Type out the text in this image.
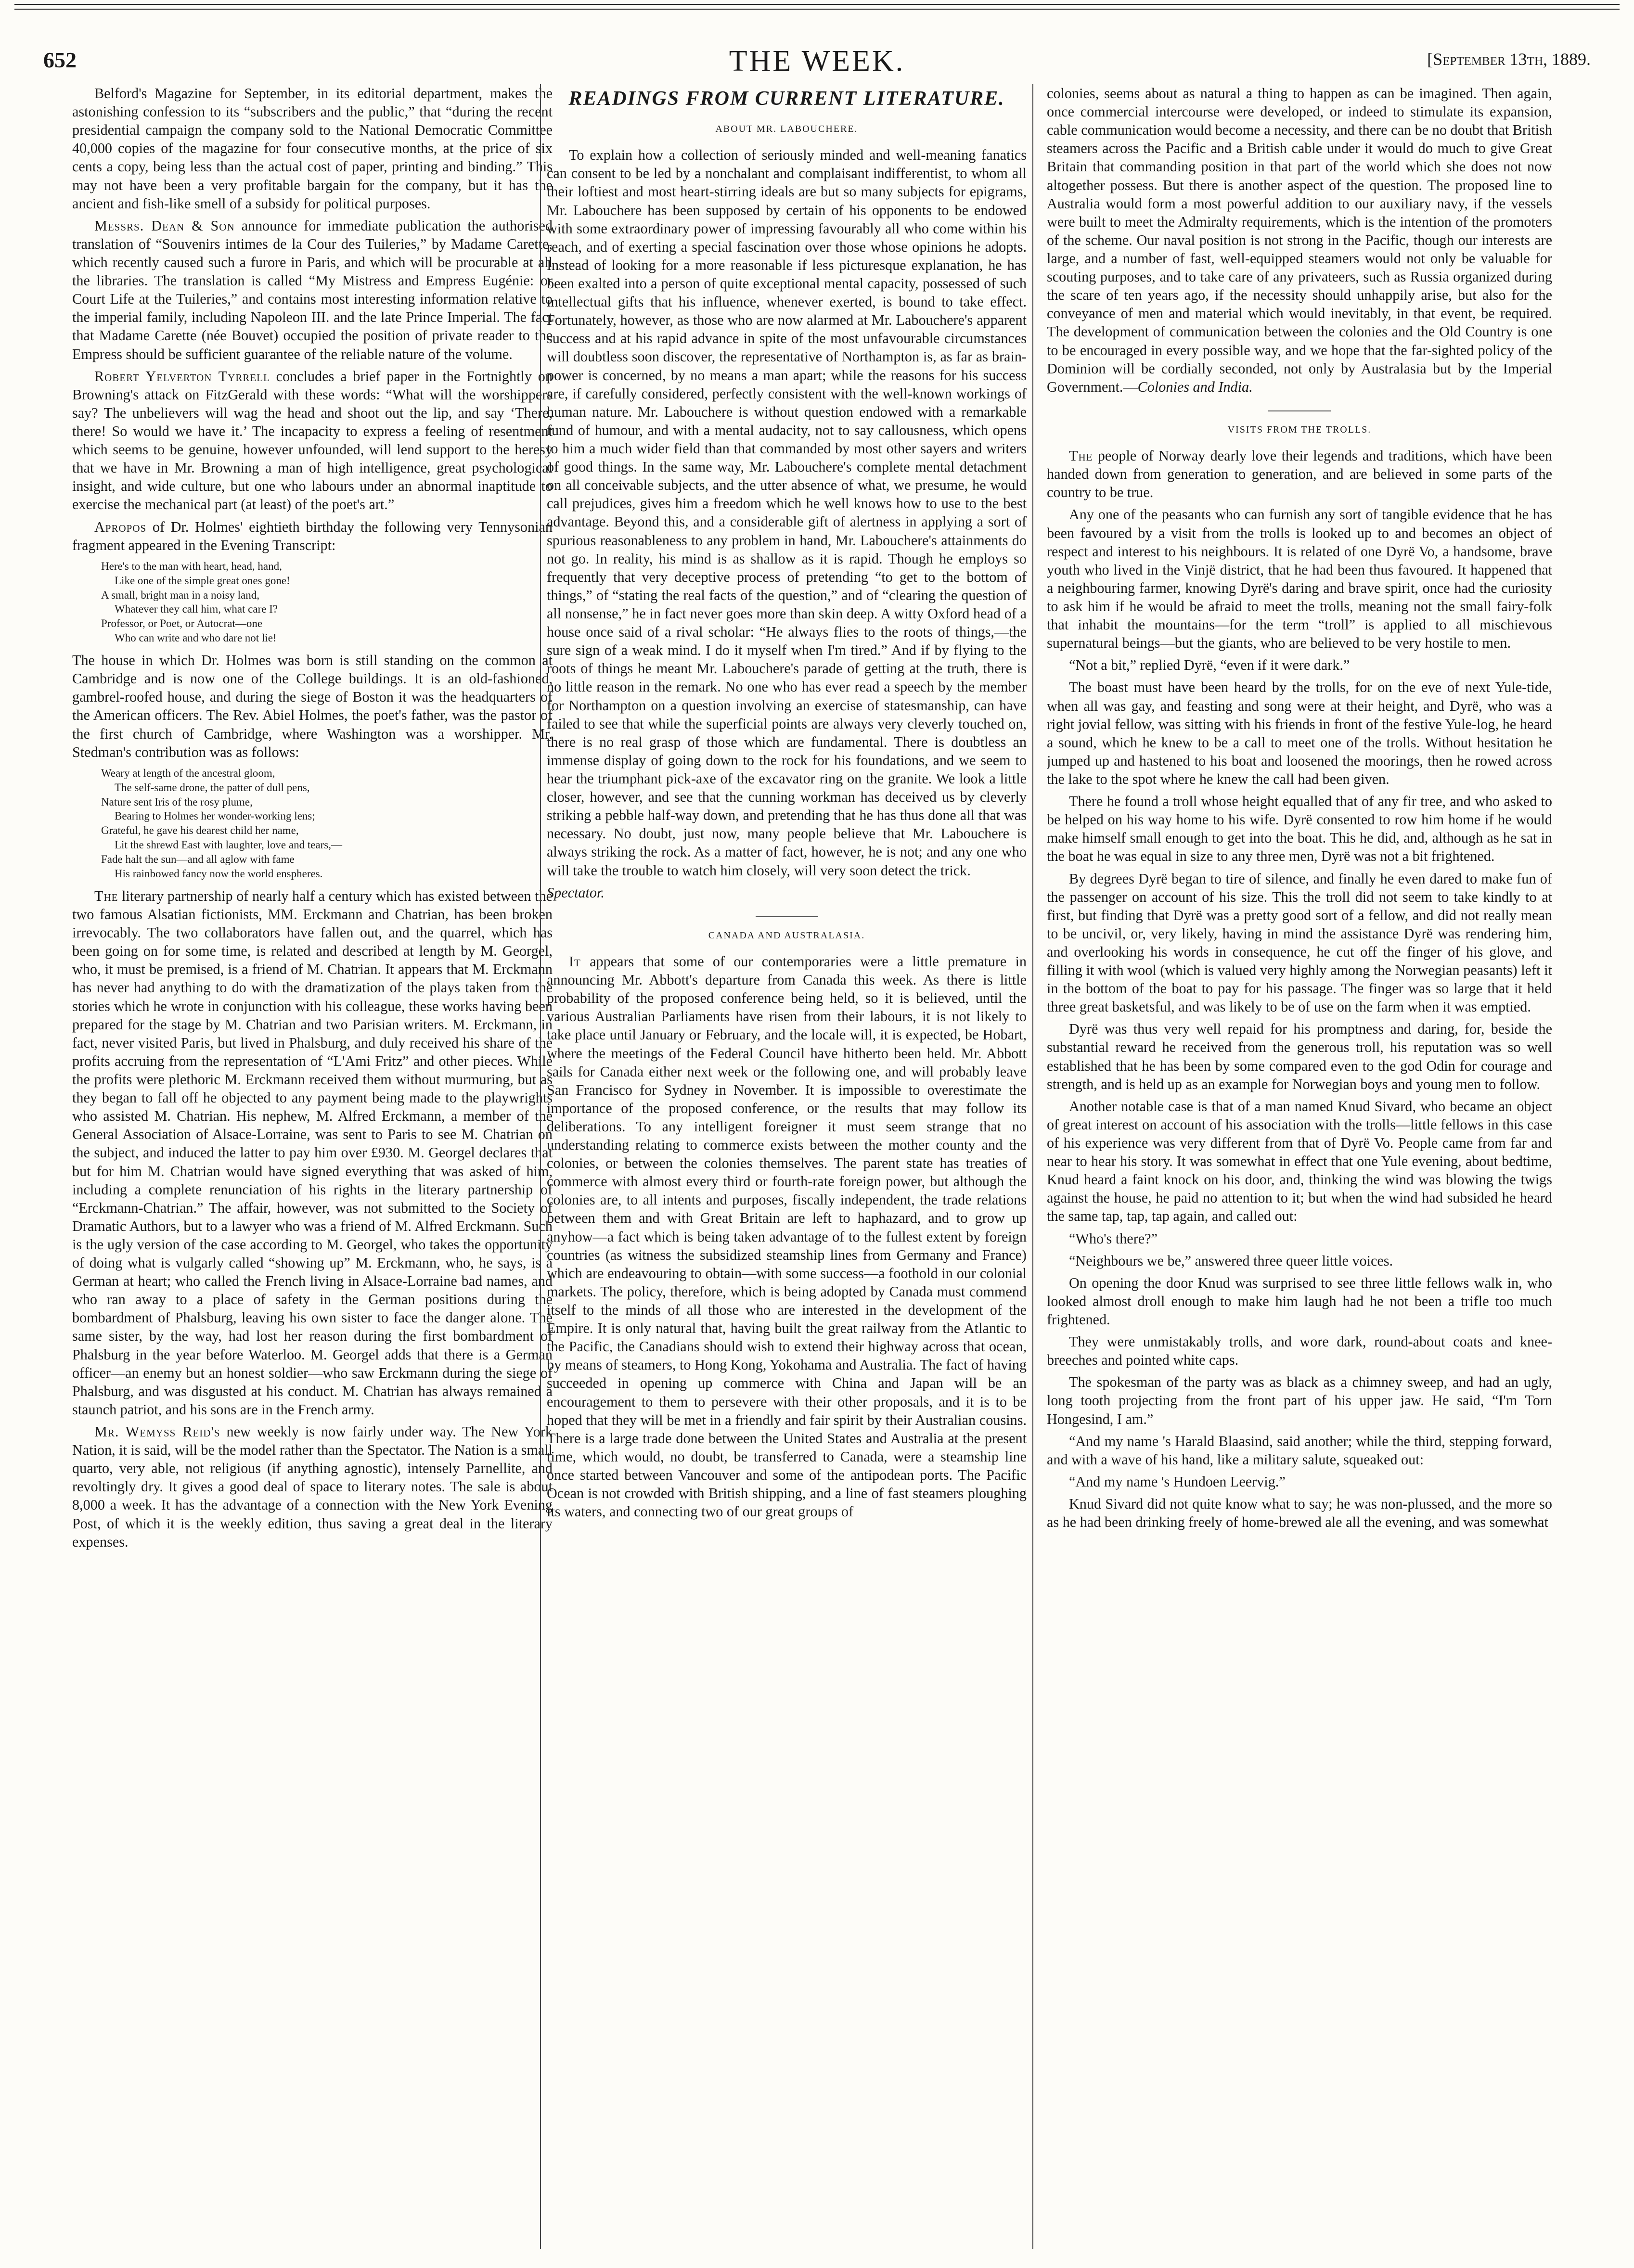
652	THE WEEK.	[September 13th, 1889.

Belford's Magazine for September, in its editorial department, makes the astonishing confession to its “subscribers and the public,” that “during the recent presidential campaign the company sold to the National Democratic Committee 40,000 copies of the magazine for four consecutive months, at the price of six cents a copy, being less than the actual cost of paper, printing and binding.” This may not have been a very profitable bargain for the company, but it has the ancient and fish-like smell of a subsidy for political purposes.

Messrs. Dean & Son announce for immediate publication the authorised translation of “Souvenirs intimes de la Cour des Tuileries,” by Madame Carette, which recently caused such a furore in Paris, and which will be procurable at all the libraries. The translation is called “My Mistress and Empress Eugénie: or Court Life at the Tuileries,” and contains most interesting information relative to the imperial family, including Napoleon III. and the late Prince Imperial. The fact that Madame Carette (née Bouvet) occupied the position of private reader to the Empress should be sufficient guarantee of the reliable nature of the volume.

Robert Yelverton Tyrrell concludes a brief paper in the Fortnightly on Browning's attack on FitzGerald with these words: “What will the worshippers say? The unbelievers will wag the head and shoot out the lip, and say ‘There, there! So would we have it.’ The incapacity to express a feeling of resentment which seems to be genuine, however unfounded, will lend support to the heresy that we have in Mr. Browning a man of high intelligence, great psychological insight, and wide culture, but one who labours under an abnormal inaptitude to exercise the mechanical part (at least) of the poet's art.”

Apropos of Dr. Holmes' eightieth birthday the following very Tennysonian fragment appeared in the Evening Transcript:

Here's to the man with heart, head, hand,
Like one of the simple great ones gone!
A small, bright man in a noisy land,
Whatever they call him, what care I?
Professor, or Poet, or Autocrat—one
Who can write and who dare not lie!

The house in which Dr. Holmes was born is still standing on the common at Cambridge and is now one of the College buildings. It is an old-fashioned, gambrel-roofed house, and during the siege of Boston it was the headquarters of the American officers. The Rev. Abiel Holmes, the poet's father, was the pastor of the first church of Cambridge, where Washington was a worshipper. Mr. Stedman's contribution was as follows:

Weary at length of the ancestral gloom,
The self-same drone, the patter of dull pens,
Nature sent Iris of the rosy plume,
Bearing to Holmes her wonder-working lens;
Grateful, he gave his dearest child her name,
Lit the shrewd East with laughter, love and tears,—
Fade halt the sun—and all aglow with fame
His rainbowed fancy now the world enspheres.

The literary partnership of nearly half a century which has existed between the two famous Alsatian fictionists, MM. Erckmann and Chatrian, has been broken irrevocably. The two collaborators have fallen out, and the quarrel, which has been going on for some time, is related and described at length by M. Georgel, who, it must be premised, is a friend of M. Chatrian. It appears that M. Erckmann has never had anything to do with the dramatization of the plays taken from the stories which he wrote in conjunction with his colleague, these works having been prepared for the stage by M. Chatrian and two Parisian writers. M. Erckmann, in fact, never visited Paris, but lived in Phalsburg, and duly received his share of the profits accruing from the representation of “L'Ami Fritz” and other pieces. While the profits were plethoric M. Erckmann received them without murmuring, but as they began to fall off he objected to any payment being made to the playwrights who assisted M. Chatrian. His nephew, M. Alfred Erckmann, a member of the General Association of Alsace-Lorraine, was sent to Paris to see M. Chatrian on the subject, and induced the latter to pay him over £930. M. Georgel declares that but for him M. Chatrian would have signed everything that was asked of him, including a complete renunciation of his rights in the literary partnership of “Erckmann-Chatrian.” The affair, however, was not submitted to the Society of Dramatic Authors, but to a lawyer who was a friend of M. Alfred Erckmann. Such is the ugly version of the case according to M. Georgel, who takes the opportunity of doing what is vulgarly called “showing up” M. Erckmann, who, he says, is a German at heart; who called the French living in Alsace-Lorraine bad names, and who ran away to a place of safety in the German positions during the bombardment of Phalsburg, leaving his own sister to face the danger alone. The same sister, by the way, had lost her reason during the first bombardment of Phalsburg in the year before Waterloo. M. Georgel adds that there is a German officer—an enemy but an honest soldier—who saw Erckmann during the siege of Phalsburg, and was disgusted at his conduct. M. Chatrian has always remained a staunch patriot, and his sons are in the French army.

Mr. Wemyss Reid's new weekly is now fairly under way. The New York Nation, it is said, will be the model rather than the Spectator. The Nation is a small quarto, very able, not religious (if anything agnostic), intensely Parnellite, and revoltingly dry. It gives a good deal of space to literary notes. The sale is about 8,000 a week. It has the advantage of a connection with the New York Evening Post, of which it is the weekly edition, thus saving a great deal in the literary expenses.

READINGS FROM CURRENT LITERATURE.
ABOUT MR. LABOUCHERE.

To explain how a collection of seriously minded and well-meaning fanatics can consent to be led by a nonchalant and complaisant indifferentist, to whom all their loftiest and most heart-stirring ideals are but so many subjects for epigrams, Mr. Labouchere has been supposed by certain of his opponents to be endowed with some extraordinary power of impressing favourably all who come within his reach, and of exerting a special fascination over those whose opinions he adopts. Instead of looking for a more reasonable if less picturesque explanation, he has been exalted into a person of quite exceptional mental capacity, possessed of such intellectual gifts that his influence, whenever exerted, is bound to take effect. Fortunately, however, as those who are now alarmed at Mr. Labouchere's apparent success and at his rapid advance in spite of the most unfavourable circumstances will doubtless soon discover, the representative of Northampton is, as far as brain-power is concerned, by no means a man apart; while the reasons for his success are, if carefully considered, perfectly consistent with the well-known workings of human nature. Mr. Labouchere is without question endowed with a remarkable fund of humour, and with a mental audacity, not to say callousness, which opens to him a much wider field than that commanded by most other sayers and writers of good things. In the same way, Mr. Labouchere's complete mental detachment on all conceivable subjects, and the utter absence of what, we presume, he would call prejudices, gives him a freedom which he well knows how to use to the best advantage. Beyond this, and a considerable gift of alertness in applying a sort of spurious reasonableness to any problem in hand, Mr. Labouchere's attainments do not go. In reality, his mind is as shallow as it is rapid. Though he employs so frequently that very deceptive process of pretending “to get to the bottom of things,” of “stating the real facts of the question,” and of “clearing the question of all nonsense,” he in fact never goes more than skin deep. A witty Oxford head of a house once said of a rival scholar: “He always flies to the roots of things,—the sure sign of a weak mind. I do it myself when I'm tired.” And if by flying to the roots of things he meant Mr. Labouchere's parade of getting at the truth, there is no little reason in the remark. No one who has ever read a speech by the member for Northampton on a question involving an exercise of statesmanship, can have failed to see that while the superficial points are always very cleverly touched on, there is no real grasp of those which are fundamental. There is doubtless an immense display of going down to the rock for his foundations, and we seem to hear the triumphant pick-axe of the excavator ring on the granite. We look a little closer, however, and see that the cunning workman has deceived us by cleverly striking a pebble half-way down, and pretending that he has thus done all that was necessary. No doubt, just now, many people believe that Mr. Labouchere is always striking the rock. As a matter of fact, however, he is not; and any one who will take the trouble to watch him closely, will very soon detect the trick.

Spectator.

CANADA AND AUSTRALASIA.

It appears that some of our contemporaries were a little premature in announcing Mr. Abbott's departure from Canada this week. As there is little probability of the proposed conference being held, so it is believed, until the various Australian Parliaments have risen from their labours, it is not likely to take place until January or February, and the locale will, it is expected, be Hobart, where the meetings of the Federal Council have hitherto been held. Mr. Abbott sails for Canada either next week or the following one, and will probably leave San Francisco for Sydney in November. It is impossible to overestimate the importance of the proposed conference, or the results that may follow its deliberations. To any intelligent foreigner it must seem strange that no understanding relating to commerce exists between the mother county and the colonies, or between the colonies themselves. The parent state has treaties of commerce with almost every third or fourth-rate foreign power, but although the colonies are, to all intents and purposes, fiscally independent, the trade relations between them and with Great Britain are left to haphazard, and to grow up anyhow—a fact which is being taken advantage of to the fullest extent by foreign countries (as witness the subsidized steamship lines from Germany and France) which are endeavouring to obtain—with some success—a foothold in our colonial markets. The policy, therefore, which is being adopted by Canada must commend itself to the minds of all those who are interested in the development of the Empire. It is only natural that, having built the great railway from the Atlantic to the Pacific, the Canadians should wish to extend their highway across that ocean, by means of steamers, to Hong Kong, Yokohama and Australia. The fact of having succeeded in opening up commerce with China and Japan will be an encouragement to them to persevere with their other proposals, and it is to be hoped that they will be met in a friendly and fair spirit by their Australian cousins. There is a large trade done between the United States and Australia at the present time, which would, no doubt, be transferred to Canada, were a steamship line once started between Vancouver and some of the antipodean ports. The Pacific Ocean is not crowded with British shipping, and a line of fast steamers ploughing its waters, and connecting two of our great groups of

colonies, seems about as natural a thing to happen as can be imagined. Then again, once commercial intercourse were developed, or indeed to stimulate its expansion, cable communication would become a necessity, and there can be no doubt that British steamers across the Pacific and a British cable under it would do much to give Great Britain that commanding position in that part of the world which she does not now altogether possess. But there is another aspect of the question. The proposed line to Australia would form a most powerful addition to our auxiliary navy, if the vessels were built to meet the Admiralty requirements, which is the intention of the promoters of the scheme. Our naval position is not strong in the Pacific, though our interests are large, and a number of fast, well-equipped steamers would not only be valuable for scouting purposes, and to take care of any privateers, such as Russia organized during the scare of ten years ago, if the necessity should unhappily arise, but also for the conveyance of men and material which would inevitably, in that event, be required. The development of communication between the colonies and the Old Country is one to be encouraged in every possible way, and we hope that the far-sighted policy of the Dominion will be cordially seconded, not only by Australasia but by the Imperial Government.—Colonies and India.

VISITS FROM THE TROLLS.

The people of Norway dearly love their legends and traditions, which have been handed down from generation to generation, and are believed in some parts of the country to be true.

Any one of the peasants who can furnish any sort of tangible evidence that he has been favoured by a visit from the trolls is looked up to and becomes an object of respect and interest to his neighbours. It is related of one Dyrë Vo, a handsome, brave youth who lived in the Vinjë district, that he had been thus favoured. It happened that a neighbouring farmer, knowing Dyrë's daring and brave spirit, once had the curiosity to ask him if he would be afraid to meet the trolls, meaning not the small fairy-folk that inhabit the mountains—for the term “troll” is applied to all mischievous supernatural beings—but the giants, who are believed to be very hostile to men.

“Not a bit,” replied Dyrë, “even if it were dark.”

The boast must have been heard by the trolls, for on the eve of next Yule-tide, when all was gay, and feasting and song were at their height, and Dyrë, who was a right jovial fellow, was sitting with his friends in front of the festive Yule-log, he heard a sound, which he knew to be a call to meet one of the trolls. Without hesitation he jumped up and hastened to his boat and loosened the moorings, then he rowed across the lake to the spot where he knew the call had been given.

There he found a troll whose height equalled that of any fir tree, and who asked to be helped on his way home to his wife. Dyrë consented to row him home if he would make himself small enough to get into the boat. This he did, and, although as he sat in the boat he was equal in size to any three men, Dyrë was not a bit frightened.

By degrees Dyrë began to tire of silence, and finally he even dared to make fun of the passenger on account of his size. This the troll did not seem to take kindly to at first, but finding that Dyrë was a pretty good sort of a fellow, and did not really mean to be uncivil, or, very likely, having in mind the assistance Dyrë was rendering him, and overlooking his words in consequence, he cut off the finger of his glove, and filling it with wool (which is valued very highly among the Norwegian peasants) left it in the bottom of the boat to pay for his passage. The finger was so large that it held three great basketsful, and was likely to be of use on the farm when it was emptied.

Dyrë was thus very well repaid for his promptness and daring, for, beside the substantial reward he received from the generous troll, his reputation was so well established that he has been by some compared even to the god Odin for courage and strength, and is held up as an example for Norwegian boys and young men to follow.

Another notable case is that of a man named Knud Sivard, who became an object of great interest on account of his association with the trolls—little fellows in this case of his experience was very different from that of Dyrë Vo. People came from far and near to hear his story. It was somewhat in effect that one Yule evening, about bedtime, Knud heard a faint knock on his door, and, thinking the wind was blowing the twigs against the house, he paid no attention to it; but when the wind had subsided he heard the same tap, tap, tap again, and called out:

“Who's there?”

“Neighbours we be,” answered three queer little voices.

On opening the door Knud was surprised to see three little fellows walk in, who looked almost droll enough to make him laugh had he not been a trifle too much frightened.

They were unmistakably trolls, and wore dark, round-about coats and knee-breeches and pointed white caps.

The spokesman of the party was as black as a chimney sweep, and had an ugly, long tooth projecting from the front part of his upper jaw. He said, “I'm Torn Hongesind, I am.”

“And my name 's Harald Blaasind, said another; while the third, stepping forward, and with a wave of his hand, like a military salute, squeaked out:

“And my name 's Hundoen Leervig.”

Knud Sivard did not quite know what to say; he was non-plussed, and the more so as he had been drinking freely of home-brewed ale all the evening, and was somewhat
